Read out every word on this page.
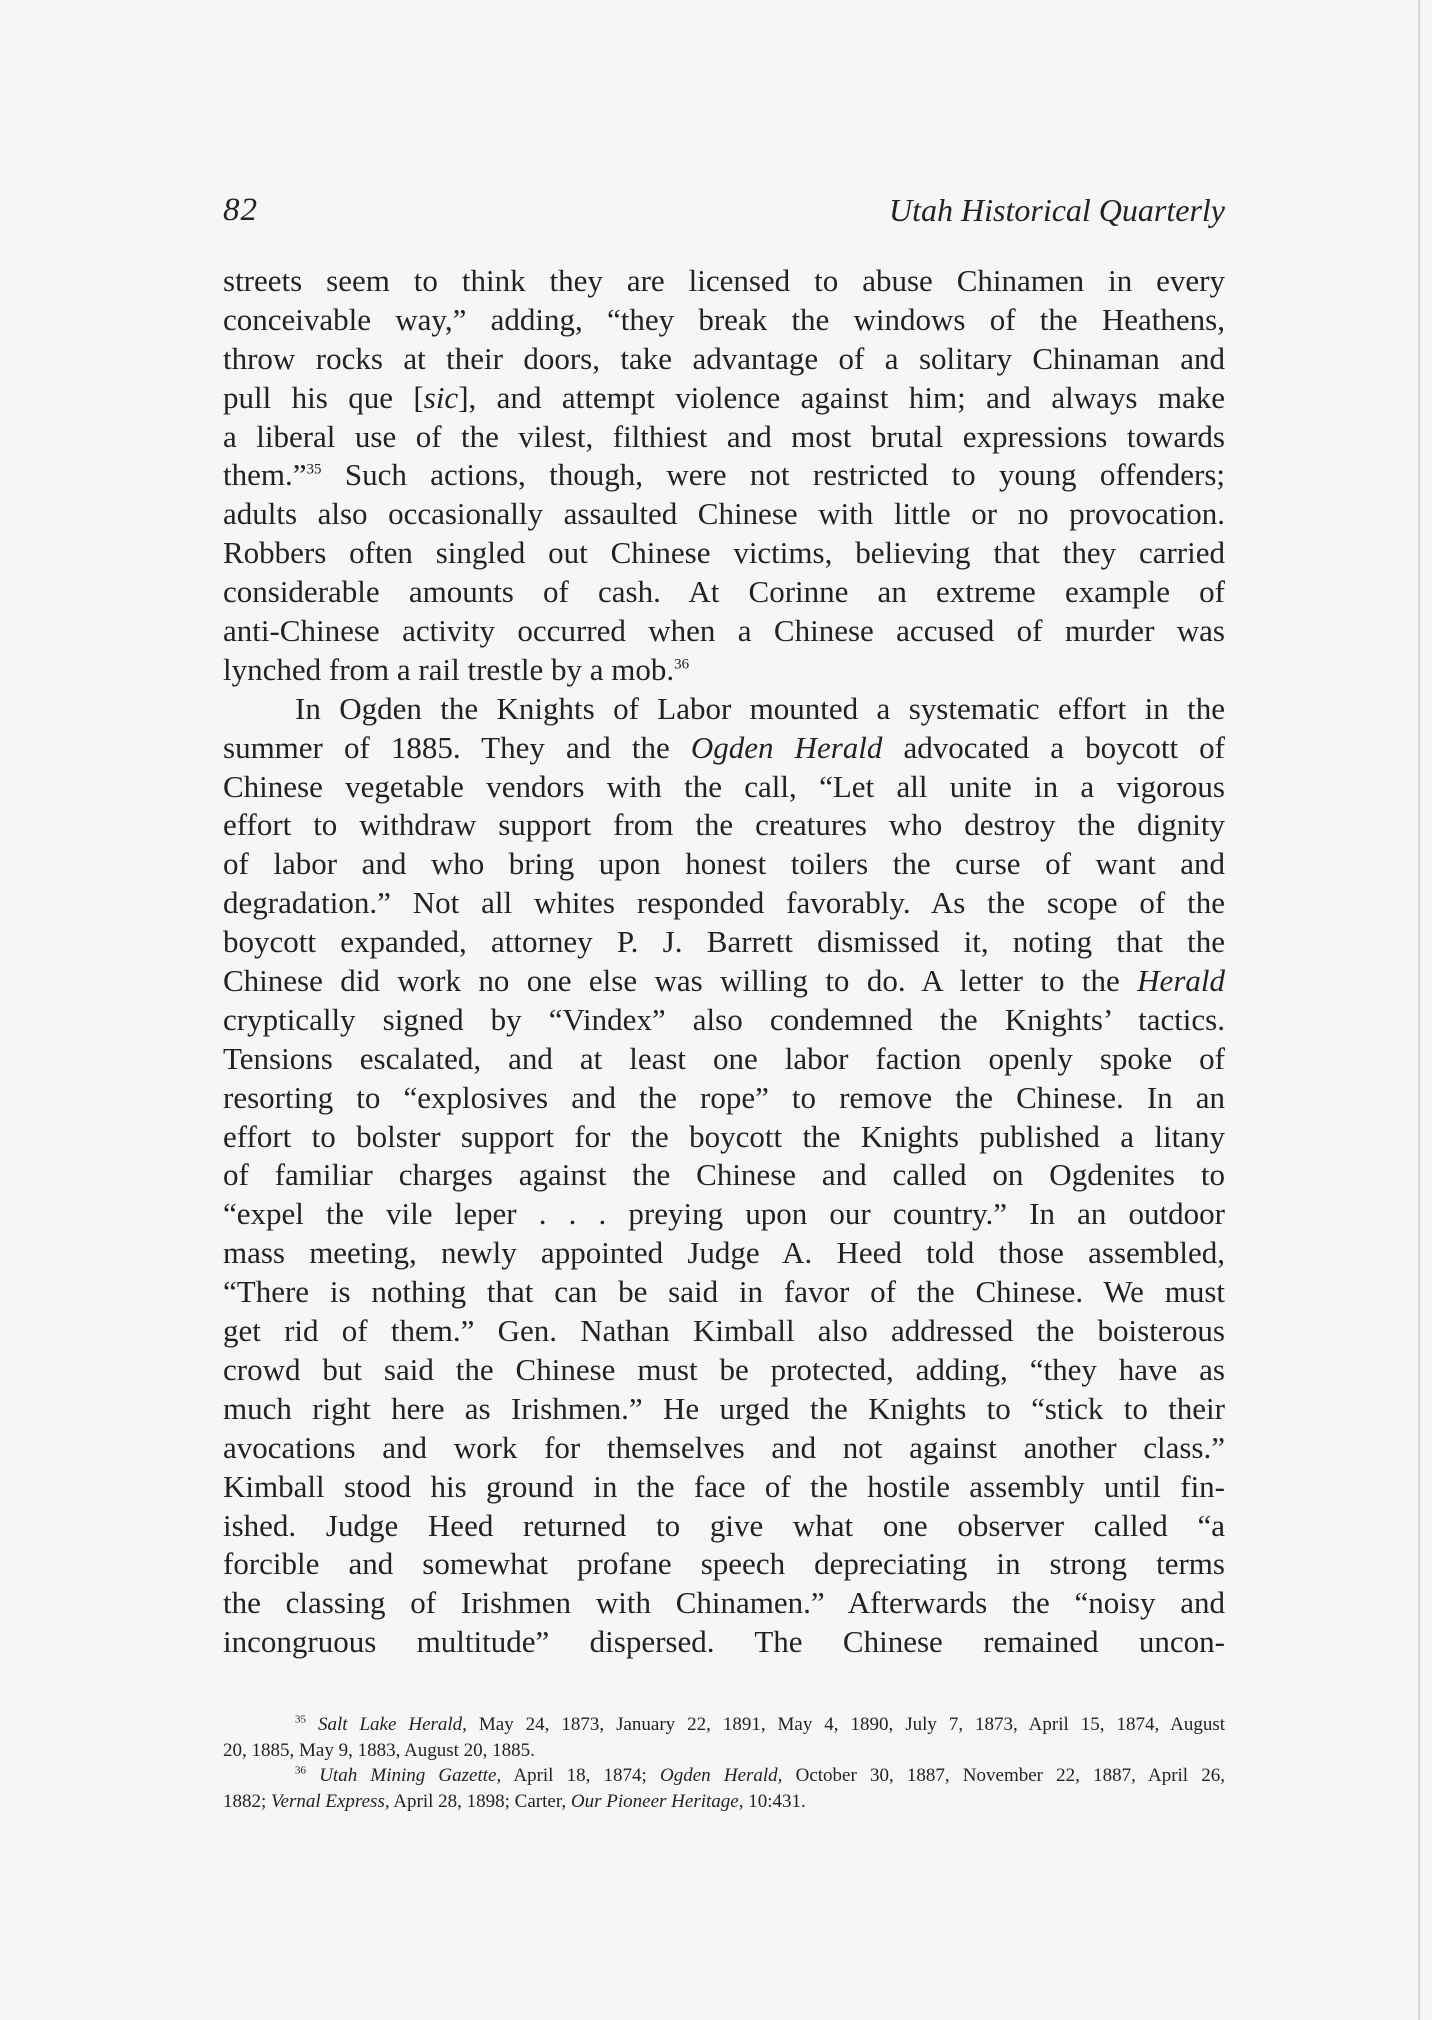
82	Utah Historical Quarterly
streets seem to think they are licensed to abuse Chinamen in every
conceivable way,” adding, “they break the windows of the Heathens,
throw rocks at their doors, take advantage of a solitary Chinaman and
pull his que [sic], and attempt violence against him; and always make
a liberal use of the vilest, filthiest and most brutal expressions towards
them.”$^{35}$ Such actions, though, were not restricted to young offenders;
adults also occasionally assaulted Chinese with little or no provocation.
Robbers often singled out Chinese victims, believing that they carried
considerable amounts of cash. At Corinne an extreme example of
anti-Chinese activity occurred when a Chinese accused of murder was
lynched from a rail trestle by a mob.$^{36}$
In Ogden the Knights of Labor mounted a systematic effort in the
summer of 1885. They and the Ogden Herald advocated a boycott of
Chinese vegetable vendors with the call, “Let all unite in a vigorous
effort to withdraw support from the creatures who destroy the dignity
of labor and who bring upon honest toilers the curse of want and
degradation.” Not all whites responded favorably. As the scope of the
boycott expanded, attorney P. J. Barrett dismissed it, noting that the
Chinese did work no one else was willing to do. A letter to the Herald
cryptically signed by “Vindex” also condemned the Knights’ tactics.
Tensions escalated, and at least one labor faction openly spoke of
resorting to “explosives and the rope” to remove the Chinese. In an
effort to bolster support for the boycott the Knights published a litany
of familiar charges against the Chinese and called on Ogdenites to
“expel the vile leper . . . preying upon our country.” In an outdoor
mass meeting, newly appointed Judge A. Heed told those assembled,
“There is nothing that can be said in favor of the Chinese. We must
get rid of them.” Gen. Nathan Kimball also addressed the boisterous
crowd but said the Chinese must be protected, adding, “they have as
much right here as Irishmen.” He urged the Knights to “stick to their
avocations and work for themselves and not against another class.”
Kimball stood his ground in the face of the hostile assembly until fin-
ished. Judge Heed returned to give what one observer called “a
forcible and somewhat profane speech depreciating in strong terms
the classing of Irishmen with Chinamen.” Afterwards the “noisy and
incongruous multitude” dispersed. The Chinese remained uncon-
$^{35}$ Salt Lake Herald, May 24, 1873, January 22, 1891, May 4, 1890, July 7, 1873, April 15, 1874, August
20, 1885, May 9, 1883, August 20, 1885.
$^{36}$ Utah Mining Gazette, April 18, 1874; Ogden Herald, October 30, 1887, November 22, 1887, April 26,
1882; Vernal Express, April 28, 1898; Carter, Our Pioneer Heritage, 10:431.
